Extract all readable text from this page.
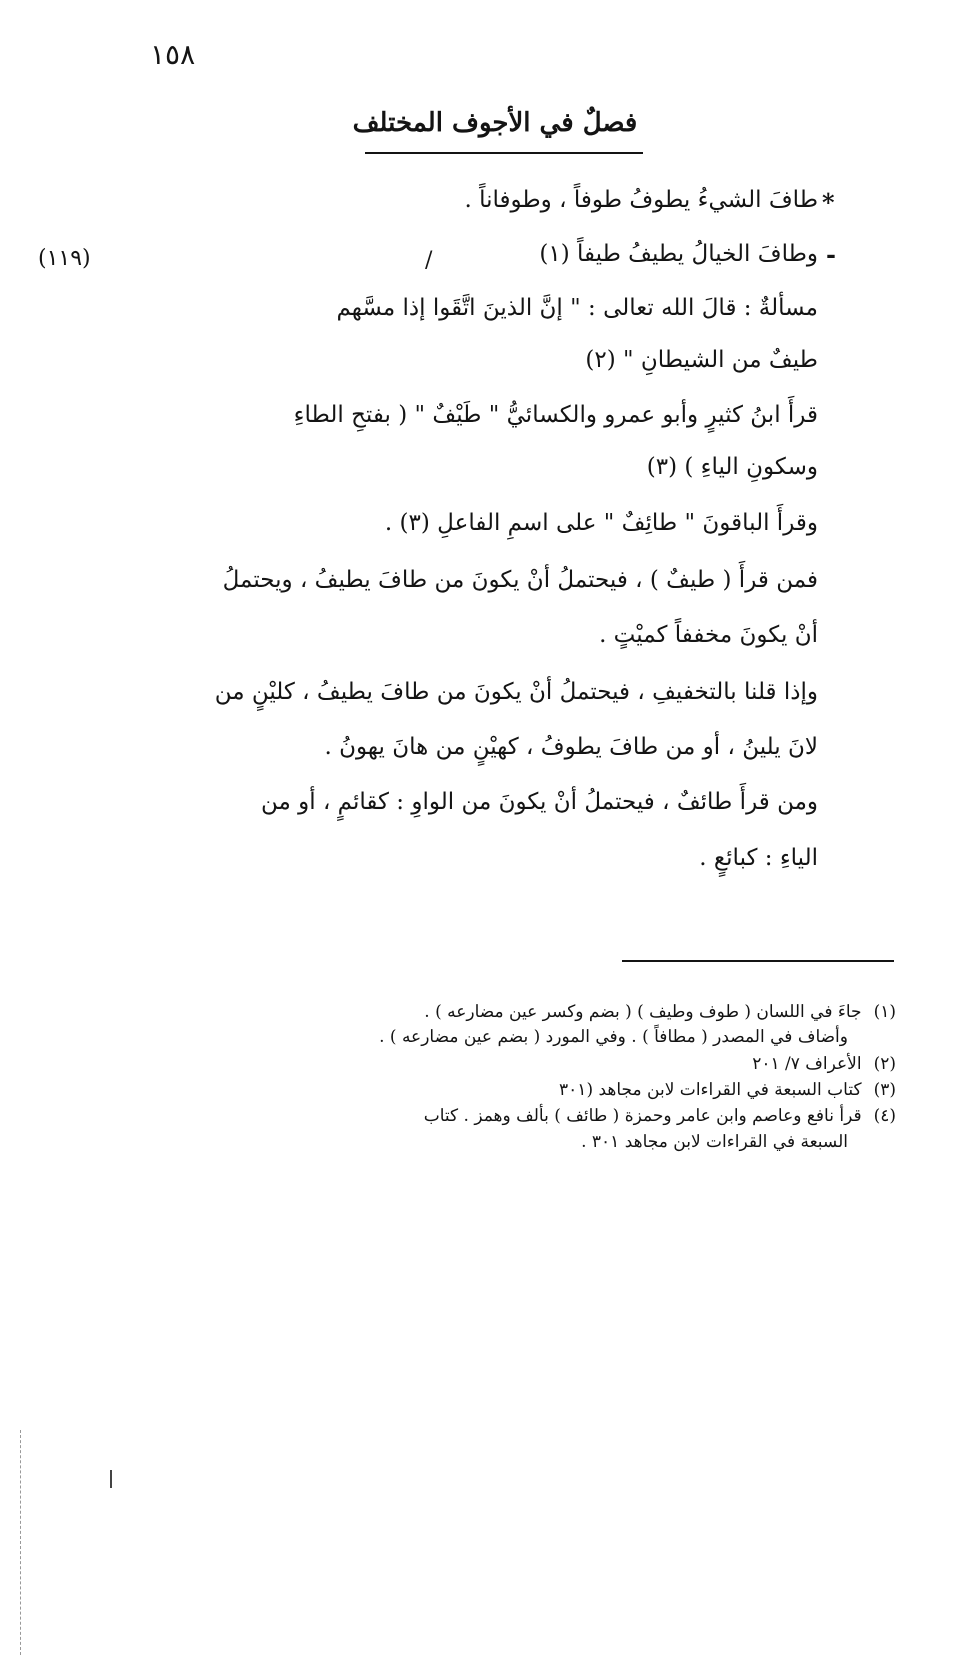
١٥٨
فصلٌ في الأجوف المختلف
*
-
(١١٩)	/
طافَ الشيءُ يطوفُ طوفاً ، وطوفاناً .
وطافَ الخيالُ يطيفُ طيفاً (١)
مسألةٌ : قالَ الله تعالى : " إنَّ الذينَ اتَّقَوا إذا مسَّهم
طيفٌ من الشيطانِ " (٢)
قرأَ ابنُ كثيرٍ وأبو عمرو والكسائيُّ " طَيْفٌ " ( بفتحِ الطاءِ
وسكونِ الياءِ ) (٣)
وقرأَ الباقونَ " طائِفٌ " على اسمِ الفاعلِ (٣) .
فمن قرأَ ( طيفٌ ) ، فيحتملُ أنْ يكونَ من طافَ يطيفُ ، ويحتملُ
أنْ يكونَ مخففاً كميْتٍ .
وإذا قلنا بالتخفيفِ ، فيحتملُ أنْ يكونَ من طافَ يطيفُ ، كليْنٍ من
لانَ يلينُ ، أو من طافَ يطوفُ ، كهيْنٍ من هانَ يهونُ .
ومن قرأَ طائفٌ ، فيحتملُ أنْ يكونَ من الواوِ : كقائمٍ ، أو من
الياءِ : كبائعٍ .
(١)جاءَ في اللسان ( طوف وطيف ) ( بضم وكسر عين مضارعه ) .
وأضاف في المصدر ( مطافاً ) . وفي المورد ( بضم عين مضارعه ) .
(٢)الأعراف ٧/ ٢٠١
(٣)كتاب السبعة في القراءات لابن مجاهد (٣٠١
(٤)قرأ نافع وعاصم وابن عامر وحمزة ( طائف ) بألف وهمز . كتاب
السبعة في القراءات لابن مجاهد ٣٠١ .
